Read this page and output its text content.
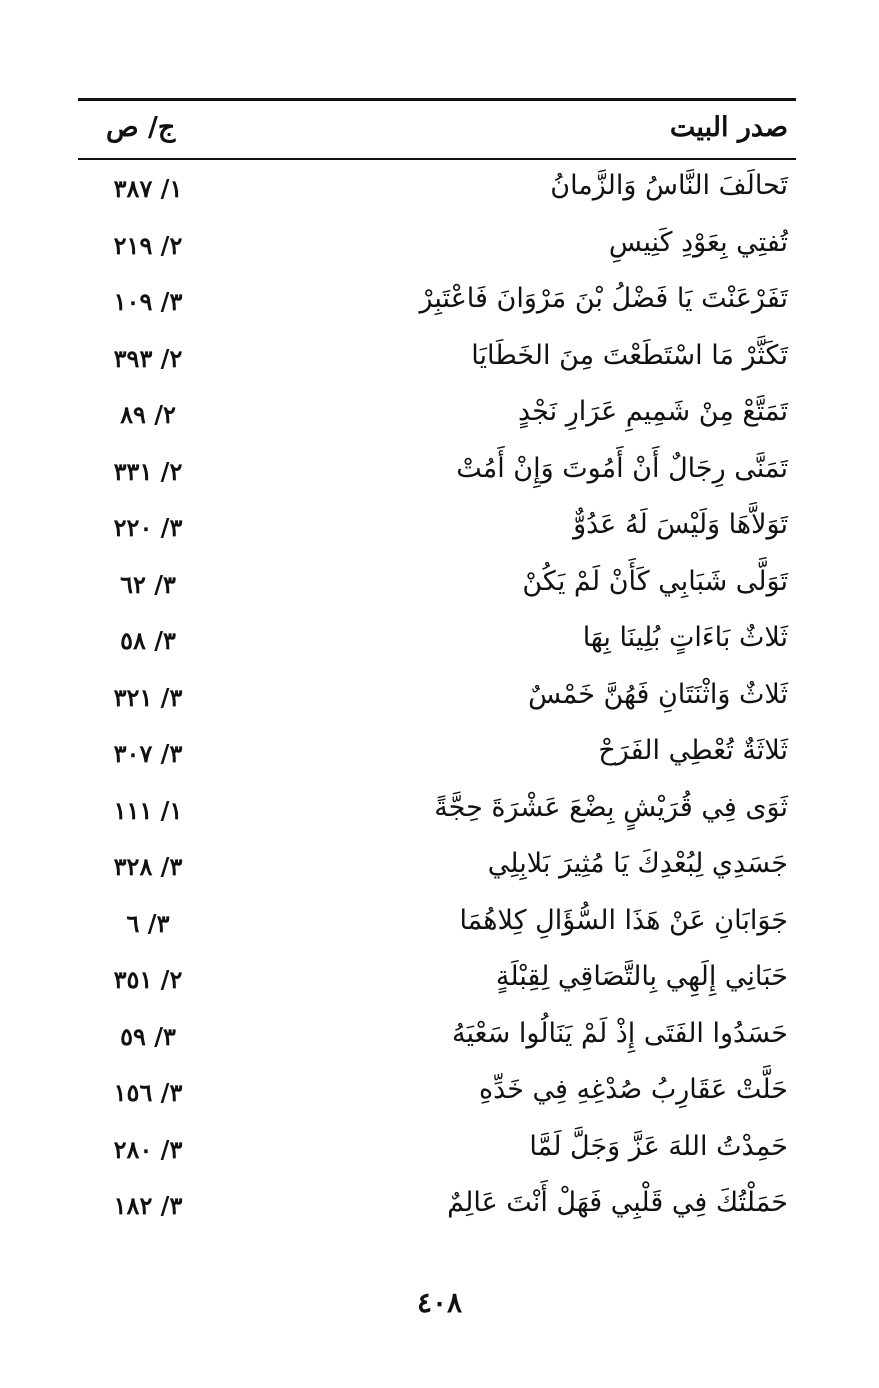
صدر البيت
ج/ ص
تَحالَفَ النَّاسُ وَالزَّمانُ
١/ ٣٨٧
تُفتِي بِعَوْدِ كَنِيسِ
٢/ ٢١٩
تَفَرْعَنْتَ يَا فَضْلُ بْنَ مَرْوَانَ فَاعْتَبِرْ
٣/ ١٠٩
تَكَثَّرْ مَا اسْتَطَعْتَ مِنَ الخَطَايَا
٢/ ٣٩٣
تَمَتَّعْ مِنْ شَمِيمِ عَرَارِ نَجْدٍ
٢/ ٨٩
تَمَنَّى رِجَالٌ أَنْ أَمُوتَ وَإِنْ أَمُتْ
٢/ ٣٣١
تَوَلاَّهَا وَلَيْسَ لَهُ عَدُوٌّ
٣/ ٢٢٠
تَوَلَّى شَبَابِي كَأَنْ لَمْ يَكُنْ
٣/ ٦٢
ثَلاثٌ بَاءَاتٍ بُلِينَا بِهَا
٣/ ٥٨
ثَلاثٌ وَاثْنَتَانِ فَهُنَّ خَمْسٌ
٣/ ٣٢١
ثَلاثَةٌ تُعْطِي الفَرَحْ
٣/ ٣٠٧
ثَوَى فِي قُرَيْشٍ بِضْعَ عَشْرَةَ حِجَّةً
١/ ١١١
جَسَدِي لِبُعْدِكَ يَا مُثِيرَ بَلابِلِي
٣/ ٣٢٨
جَوَابَانِ عَنْ هَذَا السُّؤَالِ كِلاهُمَا
٣/ ٦
حَبَانِي إِلَهِي بِالتَّصَاقِي لِقِبْلَةٍ
٢/ ٣٥١
حَسَدُوا الفَتَى إِذْ لَمْ يَنَالُوا سَعْيَهُ
٣/ ٥٩
حَلَّتْ عَقَارِبُ صُدْغِهِ فِي خَدِّهِ
٣/ ١٥٦
حَمِدْتُ اللهَ عَزَّ وَجَلَّ لَمَّا
٣/ ٢٨٠
حَمَلْتُكَ فِي قَلْبِي فَهَلْ أَنْتَ عَالِمٌ
٣/ ١٨٢
٤٠٨
